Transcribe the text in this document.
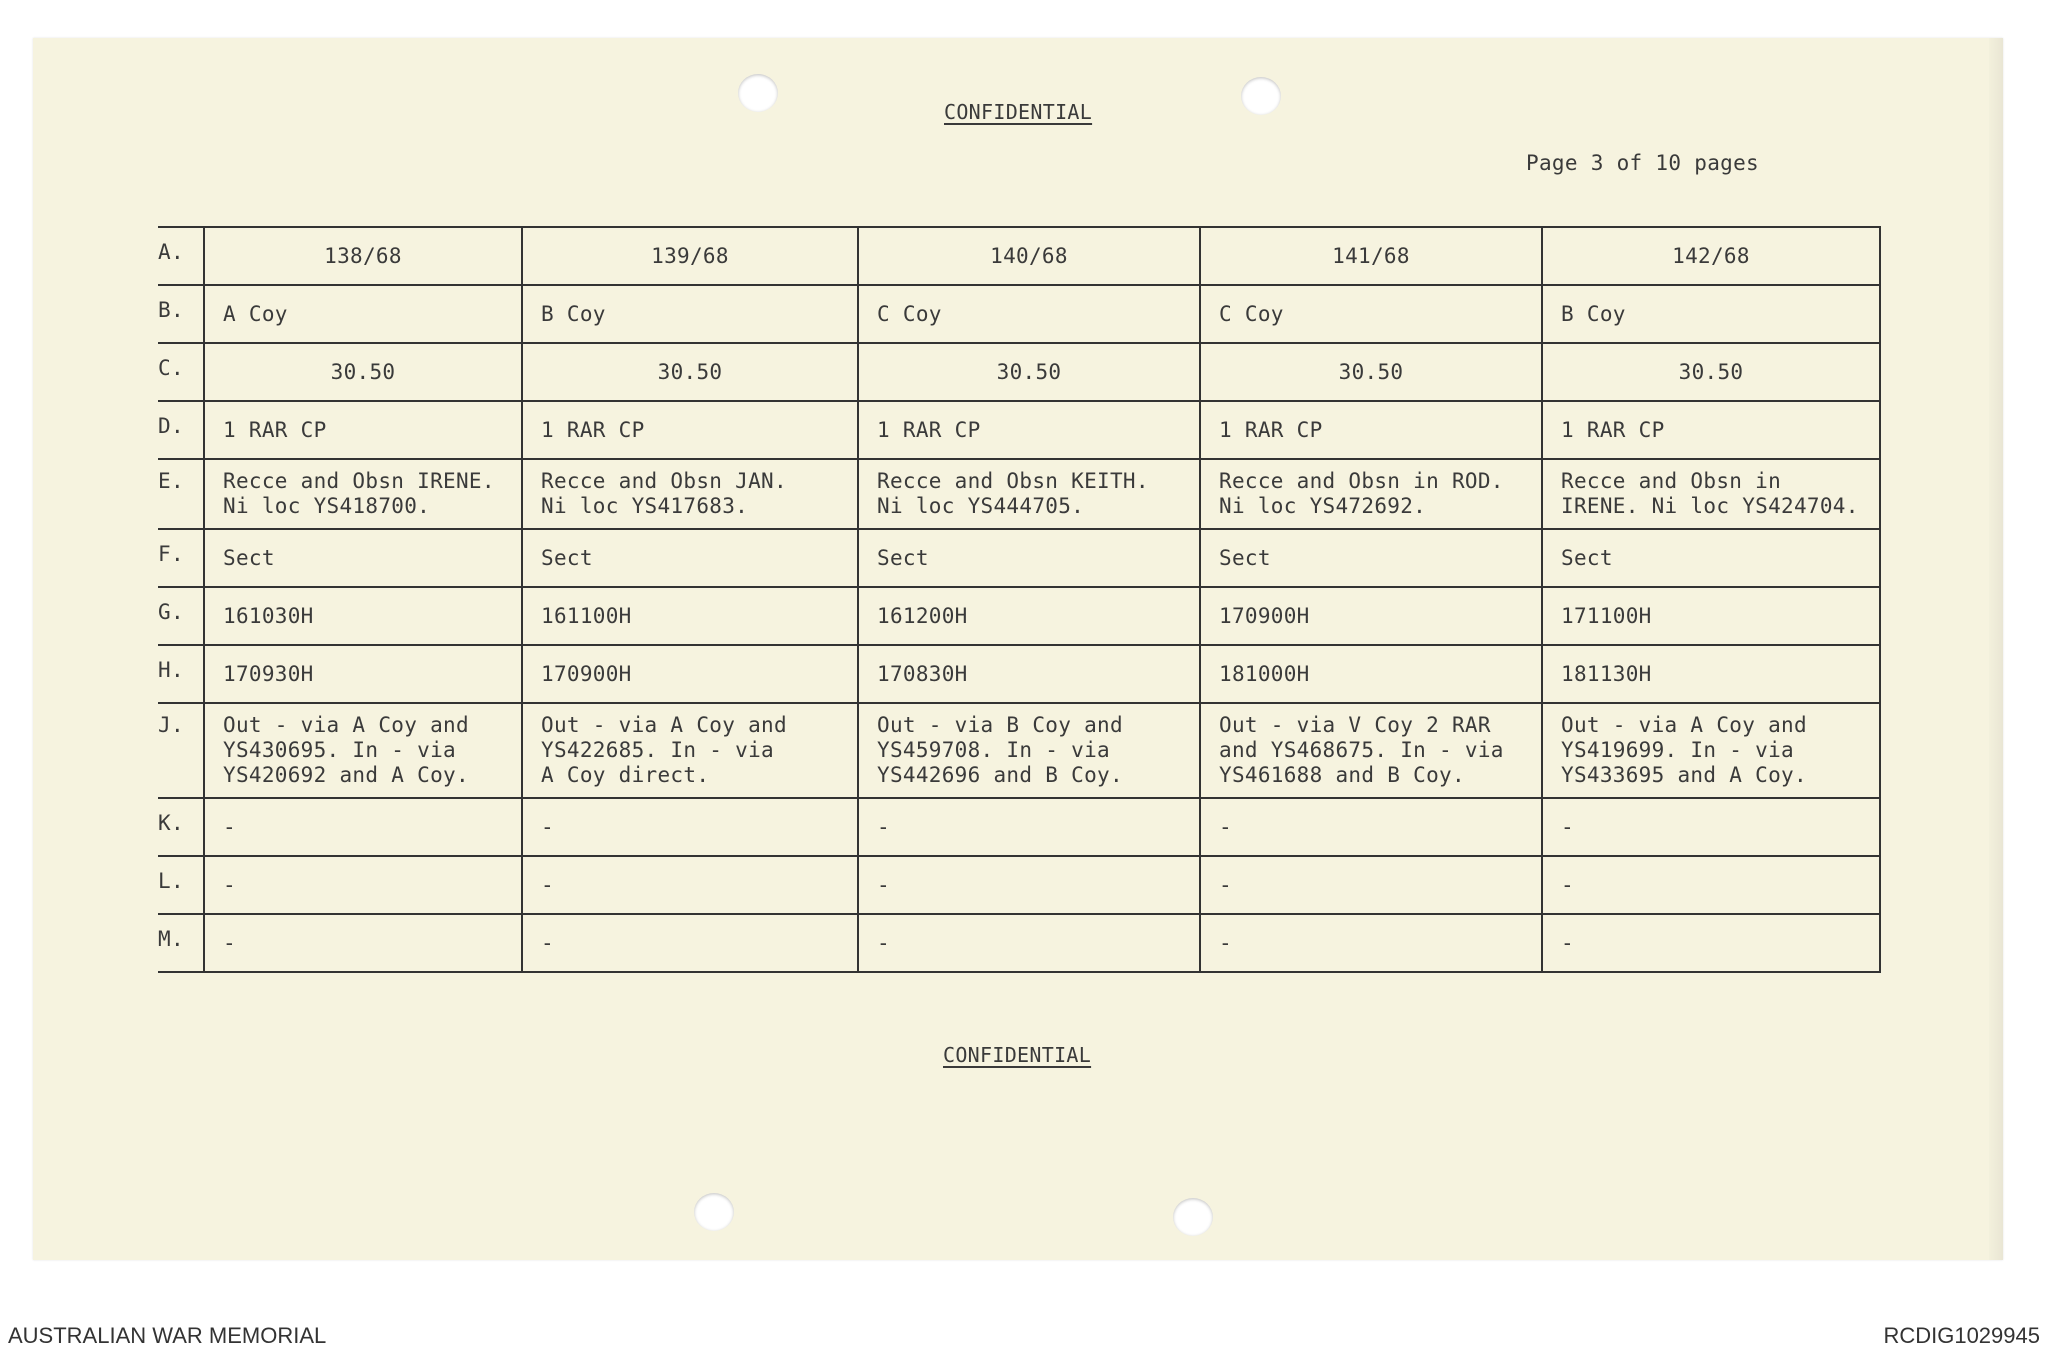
CONFIDENTIAL
Page 3 of 10 pages
CONFIDENTIAL
A.	138/68	139/68	140/68	141/68	142/68
B.	A Coy	B Coy	C Coy	C Coy	B Coy
C.	30.50	30.50	30.50	30.50	30.50
D.	1 RAR CP	1 RAR CP	1 RAR CP	1 RAR CP	1 RAR CP
E.	Recce and Obsn IRENE.
Ni loc YS418700.	Recce and Obsn JAN.
Ni loc YS417683.	Recce and Obsn KEITH.
Ni loc YS444705.	Recce and Obsn in ROD.
Ni loc YS472692.	Recce and Obsn in
IRENE. Ni loc YS424704.
F.	Sect	Sect	Sect	Sect	Sect
G.	161030H	161100H	161200H	170900H	171100H
H.	170930H	170900H	170830H	181000H	181130H
J.	Out - via A Coy and
YS430695. In - via
YS420692 and A Coy.	Out - via A Coy and
YS422685. In - via
A Coy direct.	Out - via B Coy and
YS459708. In - via
YS442696 and B Coy.	Out - via V Coy 2 RAR
and YS468675. In - via
YS461688 and B Coy.	Out - via A Coy and
YS419699. In - via
YS433695 and A Coy.
K.	-	-	-	-	-
L.	-	-	-	-	-
M.	-	-	-	-	-
AUSTRALIAN WAR MEMORIAL	RCDIG1029945
